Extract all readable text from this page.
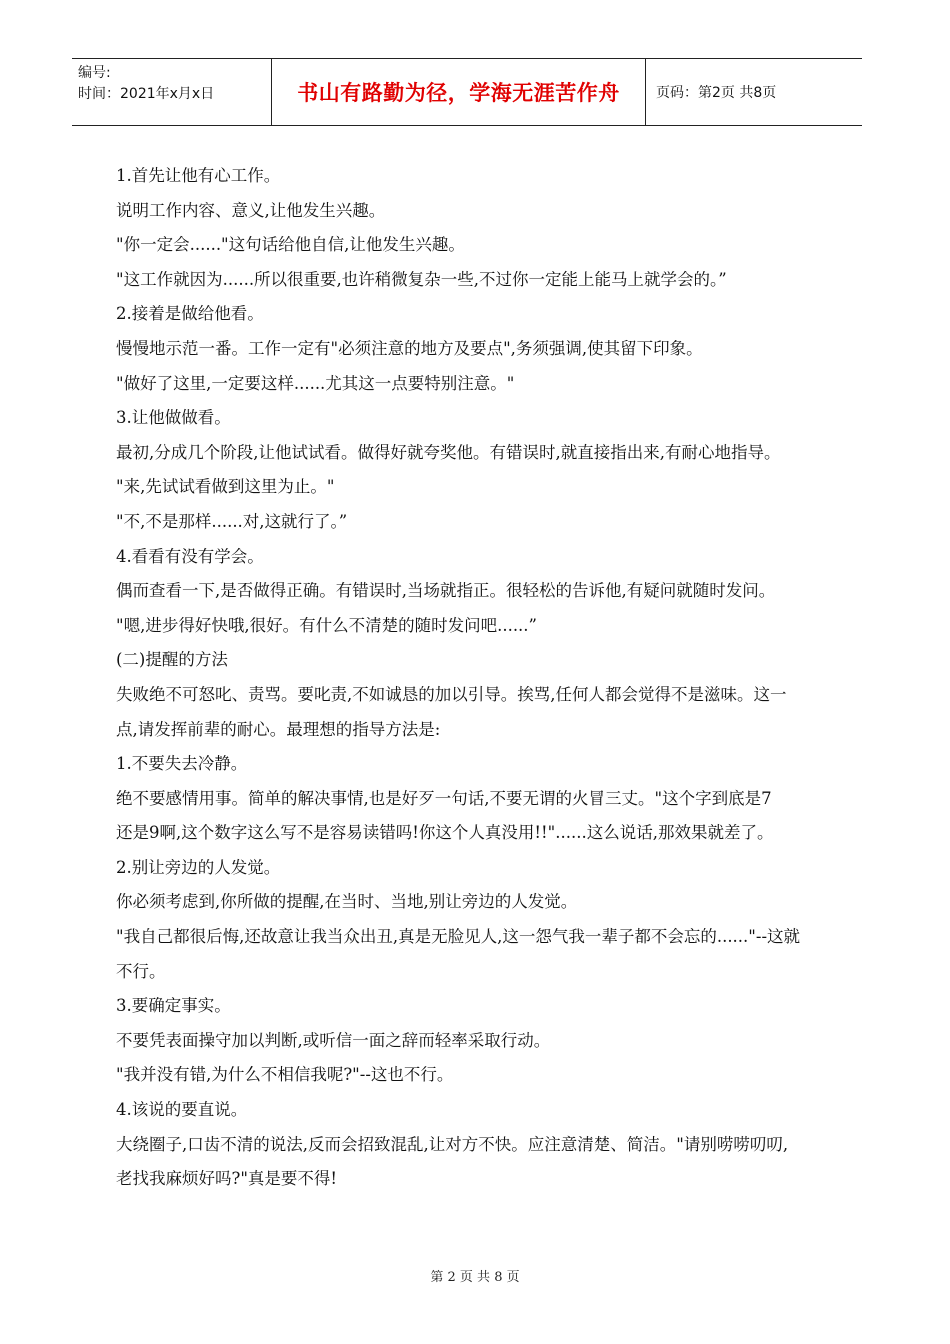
编号:
时间：2021年x月x日	书山有路勤为径，学海无涯苦作舟	页码：第2页 共8页
1.首先让他有心工作。
说明工作内容、意义,让他发生兴趣。
"你一定会......"这句话给他自信,让他发生兴趣。
"这工作就因为......所以很重要,也许稍微复杂一些,不过你一定能上能马上就学会的。”
2.接着是做给他看。
慢慢地示范一番。工作一定有"必须注意的地方及要点",务须强调,使其留下印象。
"做好了这里,一定要这样......尤其这一点要特别注意。"
3.让他做做看。
最初,分成几个阶段,让他试试看。做得好就夸奖他。有错误时,就直接指出来,有耐心地指导。
"来,先试试看做到这里为止。"
"不,不是那样......对,这就行了。”
4.看看有没有学会。
偶而查看一下,是否做得正确。有错误时,当场就指正。很轻松的告诉他,有疑问就随时发问。
"嗯,进步得好快哦,很好。有什么不清楚的随时发问吧......”
(二)提醒的方法
失败绝不可怒叱、责骂。要叱责,不如诚恳的加以引导。挨骂,任何人都会觉得不是滋味。这一
点,请发挥前辈的耐心。最理想的指导方法是:
1.不要失去冷静。
绝不要感情用事。简单的解决事情,也是好歹一句话,不要无谓的火冒三丈。"这个字到底是7
还是9啊,这个数字这么写不是容易读错吗!你这个人真没用!!"......这么说话,那效果就差了。
2.别让旁边的人发觉。
你必须考虑到,你所做的提醒,在当时、当地,别让旁边的人发觉。
"我自己都很后悔,还故意让我当众出丑,真是无脸见人,这一怨气我一辈子都不会忘的......"--这就
不行。
3.要确定事实。
不要凭表面操守加以判断,或听信一面之辞而轻率采取行动。
"我并没有错,为什么不相信我呢?"--这也不行。
4.该说的要直说。
大绕圈子,口齿不清的说法,反而会招致混乱,让对方不快。应注意清楚、简洁。"请别唠唠叨叨,
老找我麻烦好吗?"真是要不得!
第 2 页 共 8 页
